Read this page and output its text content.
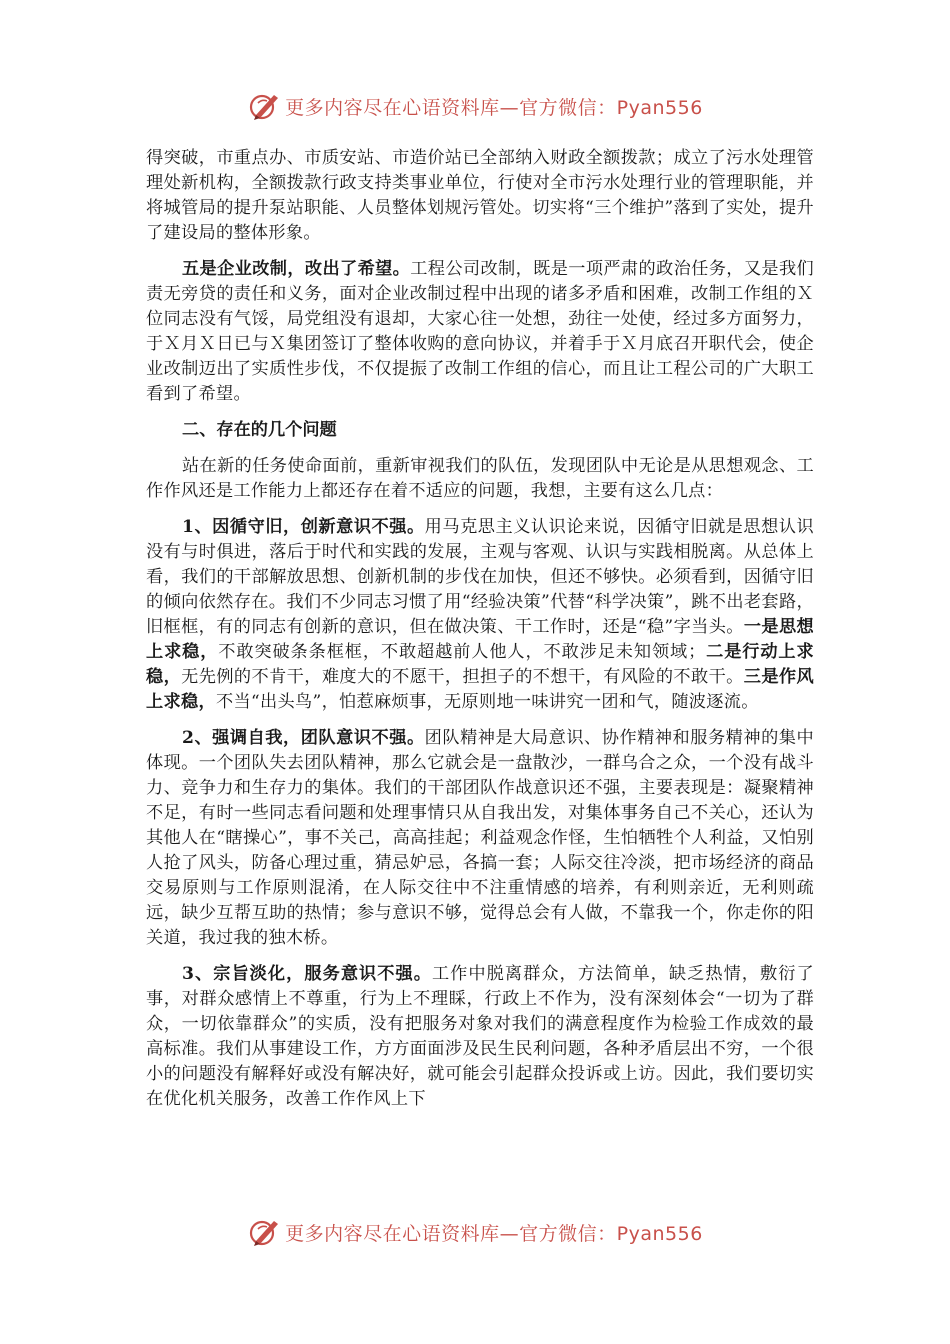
更多内容尽在心语资料库—官方微信：Pyan556

得突破，市重点办、市质安站、市造价站已全部纳入财政全额拨款；成立了污水处理管理处新机构，全额拨款行政支持类事业单位，行使对全市污水处理行业的管理职能，并将城管局的提升泵站职能、人员整体划规污管处。切实将“三个维护”落到了实处，提升了建设局的整体形象。

五是企业改制，改出了希望。工程公司改制，既是一项严肃的政治任务，又是我们责无旁贷的责任和义务，面对企业改制过程中出现的诸多矛盾和困难，改制工作组的Ｘ位同志没有气馁，局党组没有退却，大家心往一处想，劲往一处使，经过多方面努力，于Ｘ月Ｘ日已与Ｘ集团签订了整体收购的意向协议，并着手于Ｘ月底召开职代会，使企业改制迈出了实质性步伐，不仅提振了改制工作组的信心，而且让工程公司的广大职工看到了希望。

二、存在的几个问题

站在新的任务使命面前，重新审视我们的队伍，发现团队中无论是从思想观念、工作作风还是工作能力上都还存在着不适应的问题，我想，主要有这么几点：

1、因循守旧，创新意识不强。用马克思主义认识论来说，因循守旧就是思想认识没有与时俱进，落后于时代和实践的发展，主观与客观、认识与实践相脱离。从总体上看，我们的干部解放思想、创新机制的步伐在加快，但还不够快。必须看到，因循守旧的倾向依然存在。我们不少同志习惯了用“经验决策”代替“科学决策”，跳不出老套路，旧框框，有的同志有创新的意识，但在做决策、干工作时，还是“稳”字当头。一是思想上求稳，不敢突破条条框框，不敢超越前人他人，不敢涉足未知领域；二是行动上求稳，无先例的不肯干，难度大的不愿干，担担子的不想干，有风险的不敢干。三是作风上求稳，不当“出头鸟”，怕惹麻烦事，无原则地一味讲究一团和气，随波逐流。

2、强调自我，团队意识不强。团队精神是大局意识、协作精神和服务精神的集中体现。一个团队失去团队精神，那么它就会是一盘散沙，一群乌合之众，一个没有战斗力、竞争力和生存力的集体。我们的干部团队作战意识还不强，主要表现是：凝聚精神不足，有时一些同志看问题和处理事情只从自我出发，对集体事务自己不关心，还认为其他人在“瞎操心”，事不关己，高高挂起；利益观念作怪，生怕牺牲个人利益，又怕别人抢了风头，防备心理过重，猜忌妒忌，各搞一套；人际交往冷淡，把市场经济的商品交易原则与工作原则混淆，在人际交往中不注重情感的培养，有利则亲近，无利则疏远，缺少互帮互助的热情；参与意识不够，觉得总会有人做，不靠我一个，你走你的阳关道，我过我的独木桥。

3、宗旨淡化，服务意识不强。工作中脱离群众，方法简单，缺乏热情，敷衍了事，对群众感情上不尊重，行为上不理睬，行政上不作为，没有深刻体会“一切为了群众，一切依靠群众”的实质，没有把服务对象对我们的满意程度作为检验工作成效的最高标准。我们从事建设工作，方方面面涉及民生民利问题，各种矛盾层出不穷，一个很小的问题没有解释好或没有解决好，就可能会引起群众投诉或上访。因此，我们要切实在优化机关服务，改善工作作风上下

更多内容尽在心语资料库—官方微信：Pyan556
